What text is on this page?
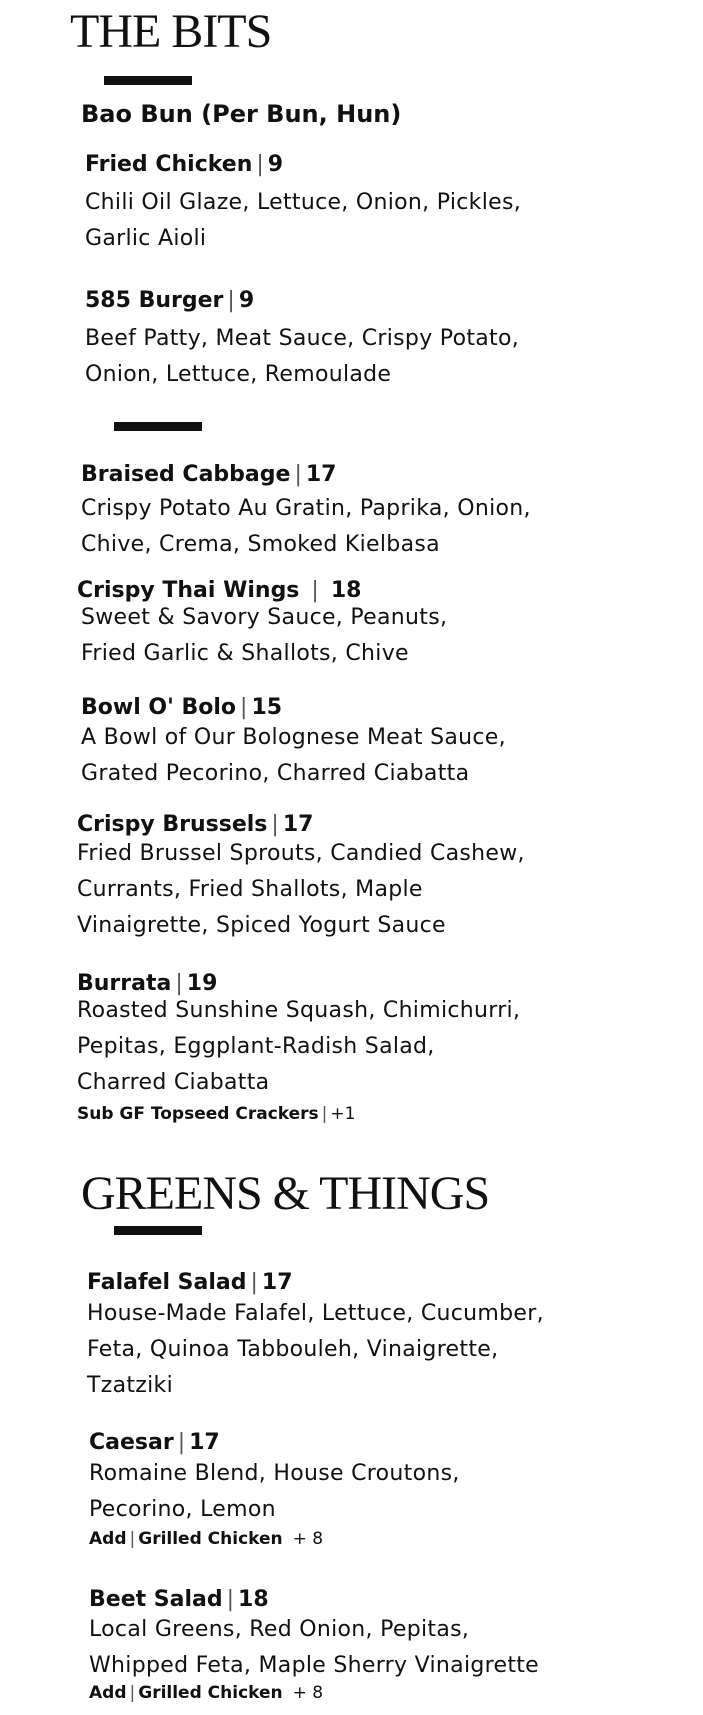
THE BITS
Bao Bun (Per Bun, Hun)
Fried Chicken | 9
Chili Oil Glaze, Lettuce, Onion, Pickles,
Garlic Aioli
585 Burger | 9
Beef Patty, Meat Sauce, Crispy Potato,
Onion, Lettuce, Remoulade
Braised Cabbage | 17
Crispy Potato Au Gratin, Paprika, Onion,
Chive, Crema, Smoked Kielbasa
Crispy Thai Wings | 18
Sweet & Savory Sauce, Peanuts,
Fried Garlic & Shallots, Chive
Bowl O' Bolo | 15
A Bowl of Our Bolognese Meat Sauce,
Grated Pecorino, Charred Ciabatta
Crispy Brussels | 17
Fried Brussel Sprouts, Candied Cashew,
Currants, Fried Shallots, Maple
Vinaigrette, Spiced Yogurt Sauce
Burrata | 19
Roasted Sunshine Squash, Chimichurri,
Pepitas, Eggplant-Radish Salad,
Charred Ciabatta
Sub GF Topseed Crackers | +1
GREENS & THINGS
Falafel Salad | 17
House-Made Falafel, Lettuce, Cucumber,
Feta, Quinoa Tabbouleh, Vinaigrette,
Tzatziki
Caesar | 17
Romaine Blend, House Croutons,
Pecorino, Lemon
Add | Grilled Chicken + 8
Beet Salad | 18
Local Greens, Red Onion, Pepitas,
Whipped Feta, Maple Sherry Vinaigrette
Add | Grilled Chicken + 8
